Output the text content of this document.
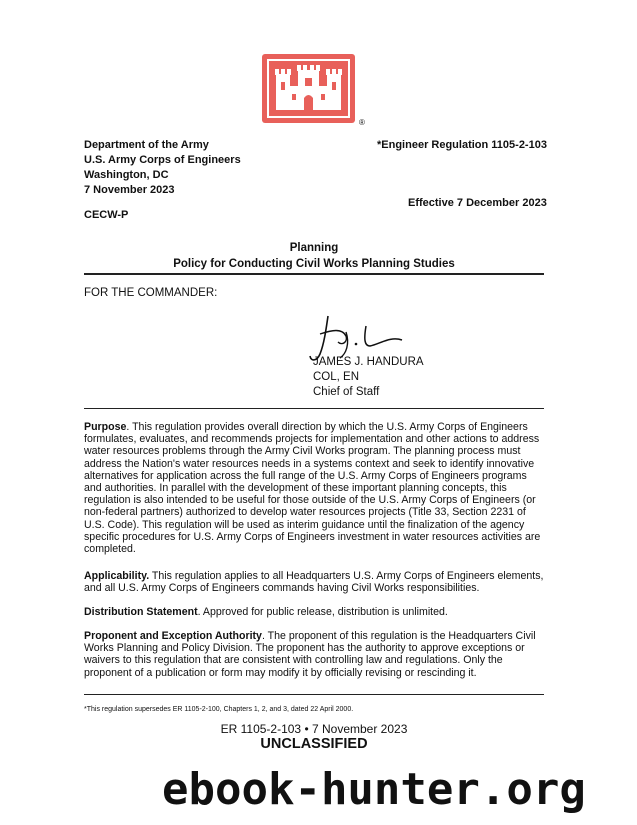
®
Department of the Army
U.S. Army Corps of Engineers
Washington, DC
7 November 2023
*Engineer Regulation 1105-2-103
Effective 7 December 2023
CECW-P
Planning
Policy for Conducting Civil Works Planning Studies
FOR THE COMMANDER:
JAMES J. HANDURA
COL, EN
Chief of Staff
Purpose. This regulation provides overall direction by which the U.S. Army Corps of Engineers formulates, evaluates, and recommends projects for implementation and other actions to address water resources problems through the Army Civil Works program. The planning process must address the Nation's water resources needs in a systems context and seek to identify innovative alternatives for application across the full range of the U.S. Army Corps of Engineers programs and authorities. In parallel with the development of these important planning concepts, this regulation is also intended to be useful for those outside of the U.S. Army Corps of Engineers (or non-federal partners) authorized to develop water resources projects (Title 33, Section 2231 of U.S. Code). This regulation will be used as interim guidance until the finalization of the agency specific procedures for U.S. Army Corps of Engineers investment in water resources activities are completed.
Applicability. This regulation applies to all Headquarters U.S. Army Corps of Engineers elements, and all U.S. Army Corps of Engineers commands having Civil Works responsibilities.
Distribution Statement. Approved for public release, distribution is unlimited.
Proponent and Exception Authority. The proponent of this regulation is the Headquarters Civil Works Planning and Policy Division. The proponent has the authority to approve exceptions or waivers to this regulation that are consistent with controlling law and regulations. Only the proponent of a publication or form may modify it by officially revising or rescinding it.
*This regulation supersedes ER 1105-2-100, Chapters 1, 2, and 3, dated 22 April 2000.
ER 1105-2-103 • 7 November 2023
UNCLASSIFIED
ebook-hunter.org
